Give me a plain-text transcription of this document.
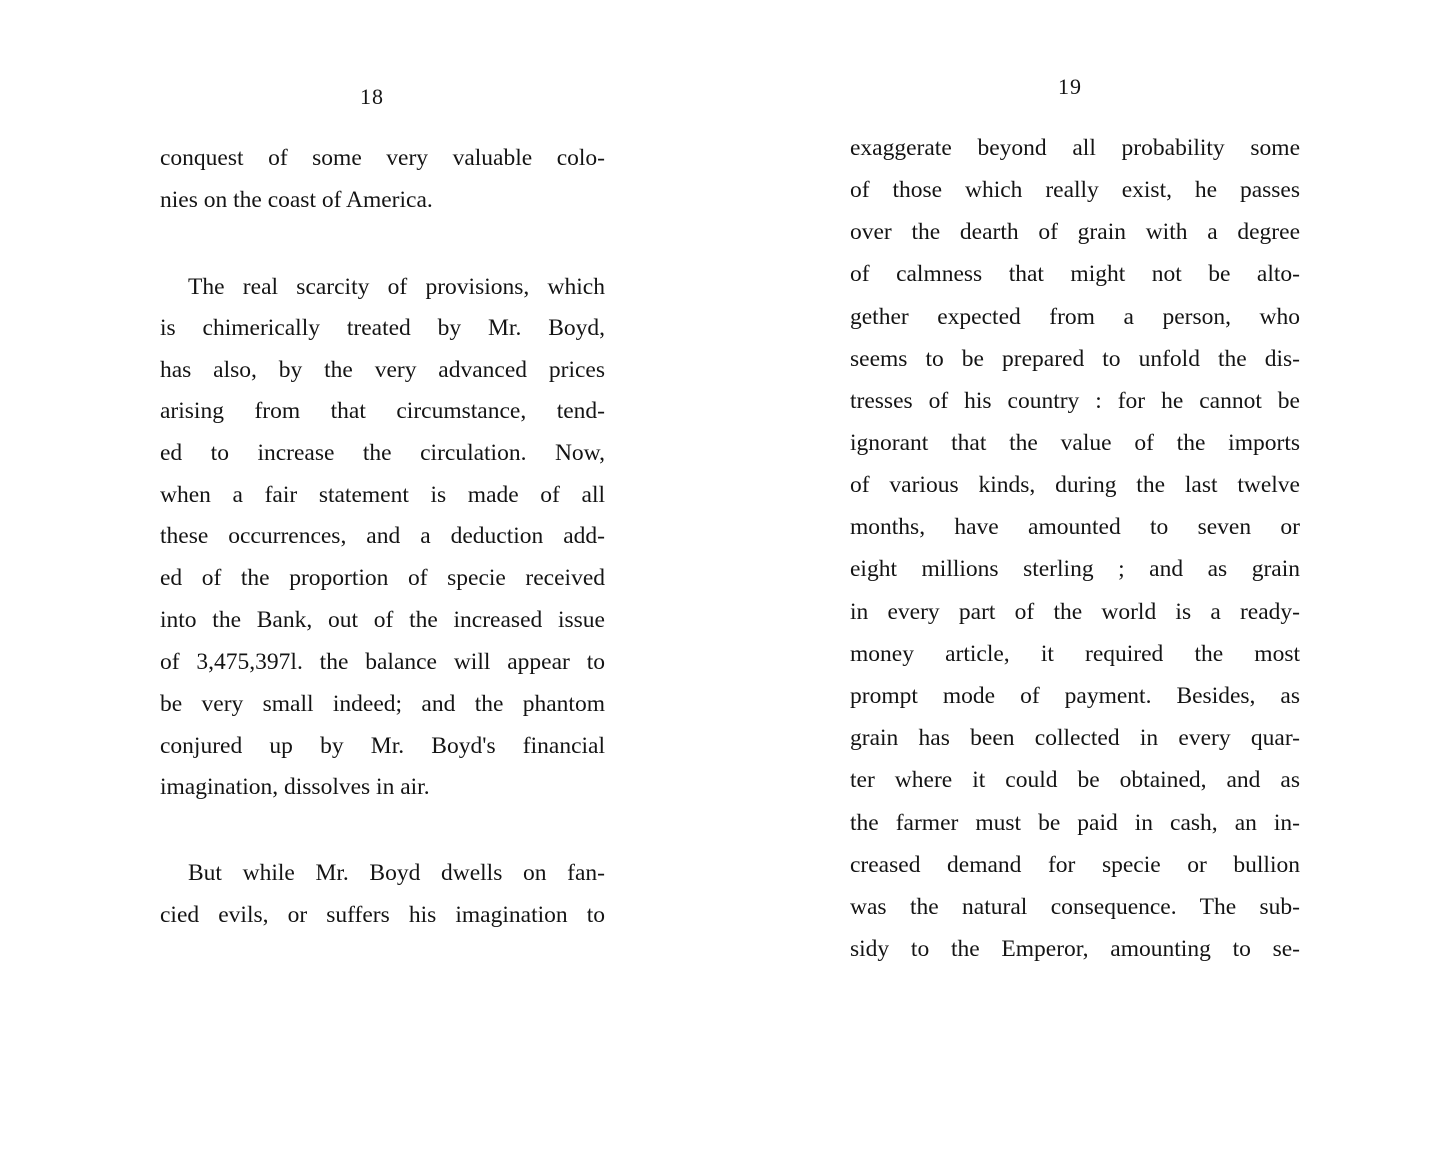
18
conquest of some very valuable colo-
nies on the coast of America.
The real scarcity of provisions, which
is chimerically treated by Mr. Boyd,
has also, by the very advanced prices
arising from that circumstance, tend-
ed to increase the circulation. Now,
when a fair statement is made of all
these occurrences, and a deduction add-
ed of the proportion of specie received
into the Bank, out of the increased issue
of 3,475,397l. the balance will appear to
be very small indeed; and the phantom
conjured up by Mr. Boyd's financial
imagination, dissolves in air.
But while Mr. Boyd dwells on fan-
cied evils, or suffers his imagination to
19
exaggerate beyond all probability some
of those which really exist, he passes
over the dearth of grain with a degree
of calmness that might not be alto-
gether expected from a person, who
seems to be prepared to unfold the dis-
tresses of his country : for he cannot be
ignorant that the value of the imports
of various kinds, during the last twelve
months, have amounted to seven or
eight millions sterling ; and as grain
in every part of the world is a ready-
money article, it required the most
prompt mode of payment. Besides, as
grain has been collected in every quar-
ter where it could be obtained, and as
the farmer must be paid in cash, an in-
creased demand for specie or bullion
was the natural consequence. The sub-
sidy to the Emperor, amounting to se-
